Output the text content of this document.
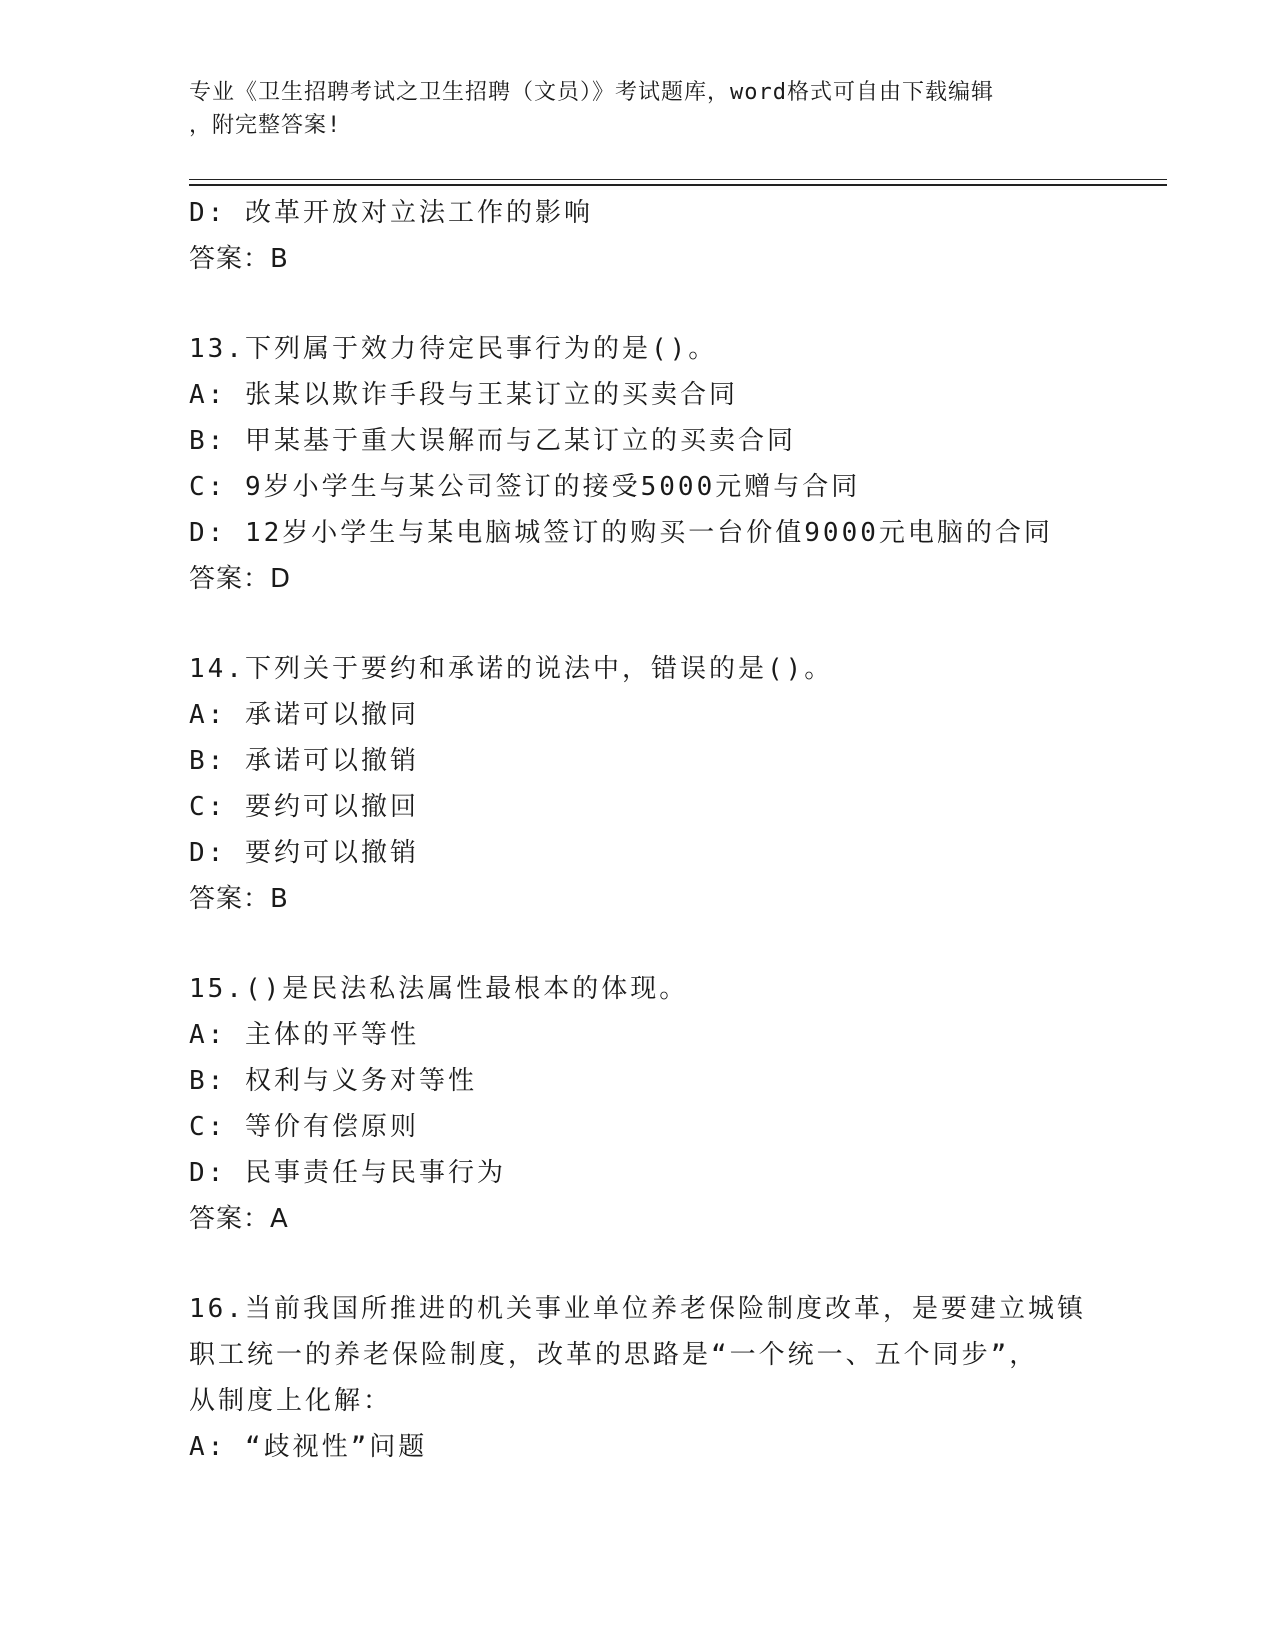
专业《卫生招聘考试之卫生招聘（文员）》考试题库，word格式可自由下载编辑
，附完整答案!
D: 改革开放对立法工作的影响
答案：B
13.下列属于效力待定民事行为的是()。
A: 张某以欺诈手段与王某订立的买卖合同
B: 甲某基于重大误解而与乙某订立的买卖合同
C: 9岁小学生与某公司签订的接受5000元赠与合同
D: 12岁小学生与某电脑城签订的购买一台价值9000元电脑的合同
答案：D
14.下列关于要约和承诺的说法中，错误的是()。
A: 承诺可以撤同
B: 承诺可以撤销
C: 要约可以撤回
D: 要约可以撤销
答案：B
15.()是民法私法属性最根本的体现。
A: 主体的平等性
B: 权利与义务对等性
C: 等价有偿原则
D: 民事责任与民事行为
答案：A
16.当前我国所推进的机关事业单位养老保险制度改革，是要建立城镇
职工统一的养老保险制度，改革的思路是“一个统一、五个同步”，
从制度上化解：
A: “歧视性”问题
